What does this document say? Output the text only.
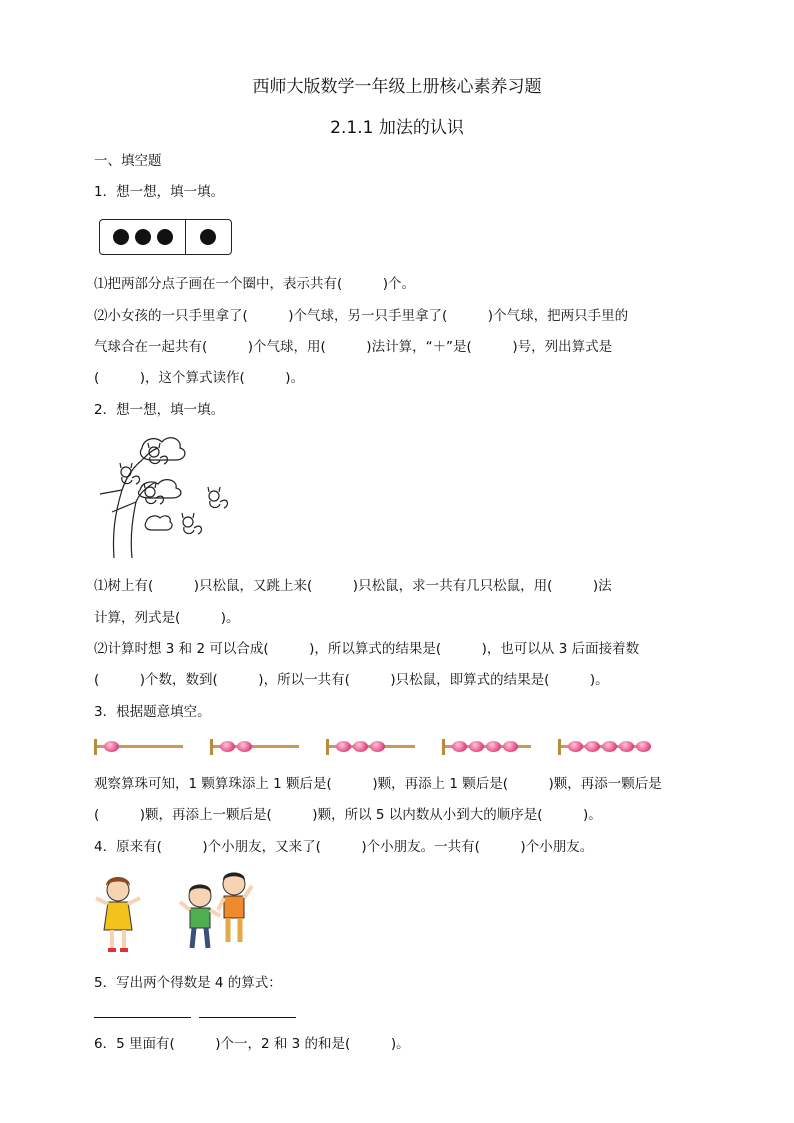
西师大版数学一年级上册核心素养习题
2.1.1 加法的认识
一、填空题
1．想一想，填一填。
⑴把两部分点子画在一个圈中，表示共有(　　　)个。
⑵小女孩的一只手里拿了(　　　)个气球，另一只手里拿了(　　　)个气球，把两只手里的
气球合在一起共有(　　　)个气球，用(　　　)法计算，“＋”是(　　　)号，列出算式是
(　　　)，这个算式读作(　　　)。
2．想一想，填一填。
⑴树上有(　　　)只松鼠，又跳上来(　　　)只松鼠，求一共有几只松鼠，用(　　　)法
计算，列式是(　　　)。
⑵计算时想 3 和 2 可以合成(　　　)，所以算式的结果是(　　　)，也可以从 3 后面接着数
(　　　)个数，数到(　　　)，所以一共有(　　　)只松鼠，即算式的结果是(　　　)。
3．根据题意填空。
观察算珠可知，1 颗算珠添上 1 颗后是(　　　)颗，再添上 1 颗后是(　　　)颗，再添一颗后是
(　　　)颗，再添上一颗后是(　　　)颗，所以 5 以内数从小到大的顺序是(　　　)。
4．原来有(　　　)个小朋友，又来了(　　　)个小朋友。一共有(　　　)个小朋友。
5．写出两个得数是 4 的算式：
6．5 里面有(　　　)个一，2 和 3 的和是(　　　)。
